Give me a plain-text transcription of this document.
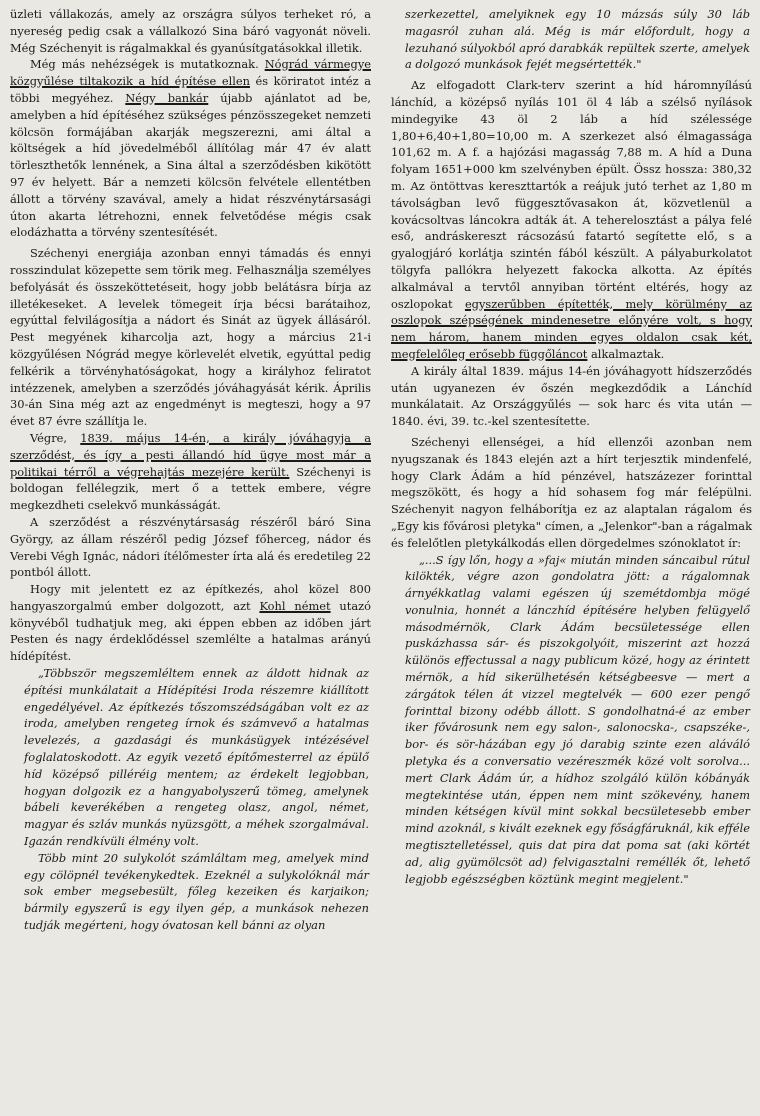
üzleti vállakozás, amely az országra súlyos terheket ró, a nyereség pedig csak a vállalkozó Sina báró vagyonát növeli. Még Széchenyit is rágalmakkal és gyanúsítgatásokkal illetik.

Még más nehézségek is mutatkoznak. Nógrád vármegye közgyűlése tiltakozik a híd építése ellen és köriratot intéz a többi megyéhez. Négy bankár újabb ajánlatot ad be, amelyben a híd építéséhez szükséges pénzösszegeket nemzeti kölcsön formájában akarják megszerezni, ami által a költségek a híd jövedelméből állítólag már 47 év alatt törleszthetők lennének, a Sina által a szerződésben kikötött 97 év helyett. Bár a nemzeti kölcsön felvétele ellentétben állott a törvény szavával, amely a hidat részvénytársasági úton akarta létrehozni, ennek felvetődése mégis csak elodázhatta a törvény szentesítését.

Széchenyi energiája azonban ennyi támadás és ennyi rosszindulat közepette sem törik meg. Felhasználja személyes befolyását és összeköttetéseit, hogy jobb belátásra bírja az illetékeseket. A levelek tömegeit írja bécsi barátaihoz, egyúttal felvilágosítja a nádort és Sinát az ügyek állásáról. Pest megyének kiharcolja azt, hogy a március 21-i közgyűlésen Nógrád megye körlevelét elvetik, egyúttal pedig felkérik a törvényhatóságokat, hogy a királyhoz feliratot intézzenek, amelyben a szerződés jóváhagyását kérik. Április 30-án Sina még azt az engedményt is megteszi, hogy a 97 évet 87 évre szállítja le.

Végre, 1839. május 14-én, a király jóváhagyja a szerződést, és így a pesti állandó híd ügye most már a politikai térről a végrehajtás mezejére került. Széchenyi is boldogan fellélegzik, mert ő a tettek embere, végre megkezdheti cselekvő munkásságát.

A szerződést a részvénytársaság részéről báró Sina György, az állam részéről pedig József főherceg, nádor és Verebi Végh Ignác, nádori ítélőmester írta alá és eredetileg 22 pontból állott.

Hogy mit jelentett ez az építkezés, ahol közel 800 hangyaszorgalmú ember dolgozott, azt Kohl német utazó könyvéből tudhatjuk meg, aki éppen ebben az időben járt Pesten és nagy érdeklődéssel szemlélte a hatalmas arányú hídépítést.

„Többször megszemléltem ennek az áldott hidnak az építési munkálatait a Hídépítési Iroda részemre kiállított engedélyével. Az építkezés tőszomszédságában volt ez az iroda, amelyben rengeteg írnok és számvevő a hatalmas levelezés, a gazdasági és munkásügyek intézésével foglalatoskodott. Az egyik vezető építőmesterrel az épülő híd középső pilléréig mentem; az érdekelt legjobban, hogyan dolgozik ez a hangyabolyszerű tömeg, amelynek bábeli keverékében a rengeteg olasz, angol, német, magyar és szláv munkás nyüzsgött, a méhek szorgalmával. Igazán rendkívüli élmény volt.

Több mint 20 sulykolót számláltam meg, amelyek mind egy cölöpnél tevékenykedtek. Ezeknél a sulykolóknál már sok ember megsebesült, főleg kezeiken és karjaikon; bármily egyszerű is egy ilyen gép, a munkások nehezen tudják megérteni, hogy óvatosan kell bánni az olyan

szerkezettel, amelyiknek egy 10 mázsás súly 30 láb magasról zuhan alá. Még is már előfordult, hogy a lezuhanó súlyokból apró darabkák repültek szerte, amelyek a dolgozó munkások fejét megsértették."

Az elfogadott Clark-terv szerint a híd háromnyílású lánchíd, a középső nyílás 101 öl 4 láb a szélső nyílások mindegyike 43 öl 2 láb a híd szélessége 1,80+6,40+1,80=10,00 m. A szerkezet alsó élmagassága 101,62 m. A f. a hajózási magasság 7,88 m. A híd a Duna folyam 1651+000 km szelvényben épült. Össz hossza: 380,32 m. Az öntöttvas kereszttartók a reájuk jutó terhet az 1,80 m távolságban levő függesztővasakon át, közvetlenül a kovácsoltvas láncokra adták át. A teherelosztást a pálya felé eső, andráskereszt rácsozású fatartó segítette elő, s a gyalogjáró korlátja szintén fából készült. A pályaburkolatot tölgyfa pallókra helyezett fakocka alkotta. Az építés alkalmával a tervtől annyiban történt eltérés, hogy az oszlopokat egyszerűbben építették, mely körülmény az oszlopok szépségének mindenesetre előnyére volt, s hogy nem három, hanem minden egyes oldalon csak két, megfelelőleg erősebb függőláncot alkalmaztak.

A király által 1839. május 14-én jóváhagyott hídszerződés után ugyanezen év őszén megkezdődik a Lánchíd munkálatait. Az Országgyűlés — sok harc és vita után — 1840. évi, 39. tc.-kel szentesítette.

Széchenyi ellenségei, a híd ellenzői azonban nem nyugszanak és 1843 elején azt a hírt terjesztik mindenfelé, hogy Clark Ádám a híd pénzével, hatszázezer forinttal megszökött, és hogy a híd sohasem fog már felépülni. Széchenyit nagyon felháborítja ez az alaptalan rágalom és „Egy kis fővárosi pletyka" címen, a „Jelenkor"-ban a rágalmak és felelőtlen pletykálkodás ellen dörgedelmes szónoklatot ír:

„...S így lőn, hogy a »faj« miután minden sáncaibul rútul kilökték, végre azon gondolatra jött: a rágalomnak árnyékkatlag valami egészen új szemétdombja mögé vonulnia, honnét a lánczhíd építésére helyben felügyelő másodmérnök, Clark Ádám becsületessége ellen puskázhassa sár- és piszokgolyóit, miszerint azt hozzá különös effectussal a nagy publicum közé, hogy az érintett mérnök, a híd sikerülhetésén kétségbeesve — mert a zárgátok télen át vizzel megtelvék — 600 ezer pengő forinttal bizony odébb állott. S gondolhatná-é az ember iker fővárosunk nem egy salon-, salonocska-, csapszéke-, bor- és sör-házában egy jó darabig szinte ezen aláváló pletyka és a conversatio vezéreszmék közé volt sorolva... mert Clark Ádám úr, a hídhoz szolgáló külön kóbányák megtekintése után, éppen nem mint szökevény, hanem minden kétségen kívül mint sokkal becsületesebb ember mind azoknál, s kivált ezeknek egy főságfáruknál, kik efféle megtisztelletéssel, quis dat pira dat poma sat (aki körtét ad, alig gyümölcsöt ad) felvigasztalni reméllék őt, lehető legjobb egészségben köztünk megint megjelent."
